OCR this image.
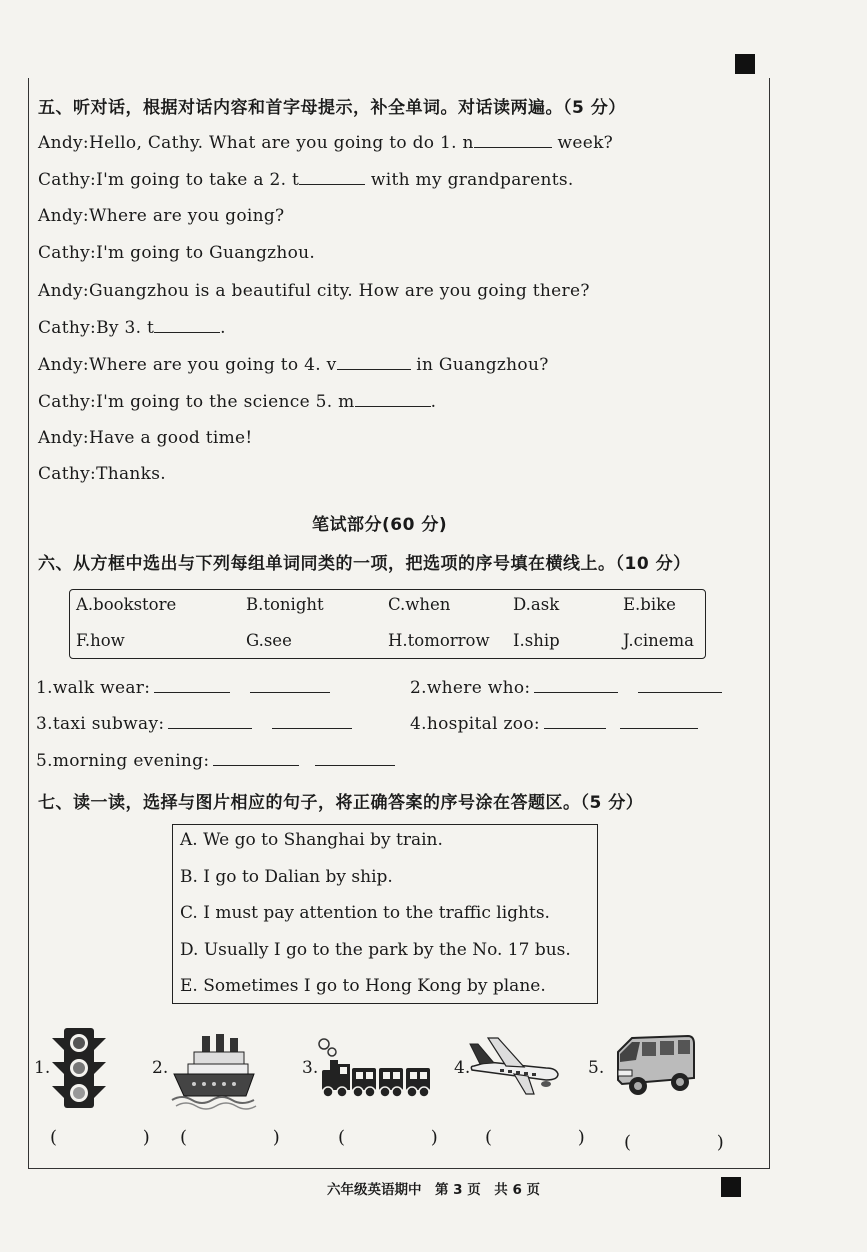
五、听对话，根据对话内容和首字母提示，补全单词。对话读两遍。（5 分）
Andy:Hello, Cathy. What are you going to do 1. n	week?
Cathy:I'm going to take a 2. t	with my grandparents.
Andy:Where are you going?
Cathy:I'm going to Guangzhou.
Andy:Guangzhou is a beautiful city. How are you going there?
Cathy:By 3. t	.
Andy:Where are you going to 4. v	in Guangzhou?
Cathy:I'm going to the science 5. m	.
Andy:Have a good time!
Cathy:Thanks.
笔试部分(60 分)
六、从方框中选出与下列每组单词同类的一项，把选项的序号填在横线上。（10 分）
A.bookstore	B.tonight	C.when	D.ask	E.bike
F.how	G.see	H.tomorrow I.ship	J.cinema
1.walk wear:	2.where who:
3.taxi subway:	4.hospital zoo:
5.morning evening:
七、读一读，选择与图片相应的句子，将正确答案的序号涂在答题区。（5 分）
A. We go to Shanghai by train.
B. I go to Dalian by ship.
C. I must pay attention to the traffic lights.
D. Usually I go to the park by the No. 17 bus.
E. Sometimes I go to Hong Kong by plane.
1.	2.	3.	4.	5.
( )
( ) ( ) ( ) ( )
六年级英语期中　第 3 页　共 6 页
